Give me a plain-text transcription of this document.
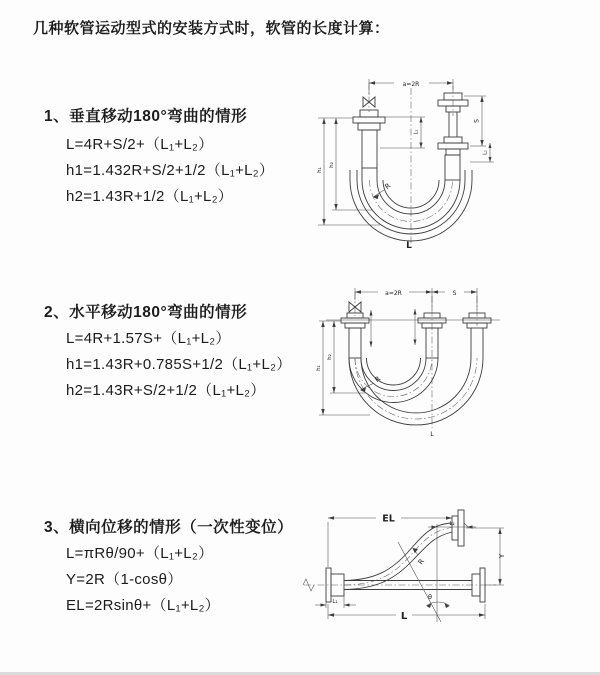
几种软管运动型式的安装方式时，软管的长度计算：
1、垂直移动180°弯曲的情形
L=4R+S/2+（L₁+L₂）
h1=1.432R+S/2+1/2（L₁+L₂）
h2=1.43R+1/2（L₁+L₂）
a=2R
h₁
h₂
L₁
S
L₂
R
L
2、水平移动180°弯曲的情形
L=4R+1.57S+（L₁+L₂）
h1=1.43R+0.785S+1/2（L₁+L₂）
h2=1.43R+S/2+1/2（L₁+L₂）
a=2R	S
h₁
h₂
R
L
3、横向位移的情形（一次性变位）
L=πRθ/90+（L₁+L₂）
Y=2R（1-cosθ）
EL=2Rsinθ+（L₁+L₂）	θ
R
EL	L₂
Y
L
L₁
